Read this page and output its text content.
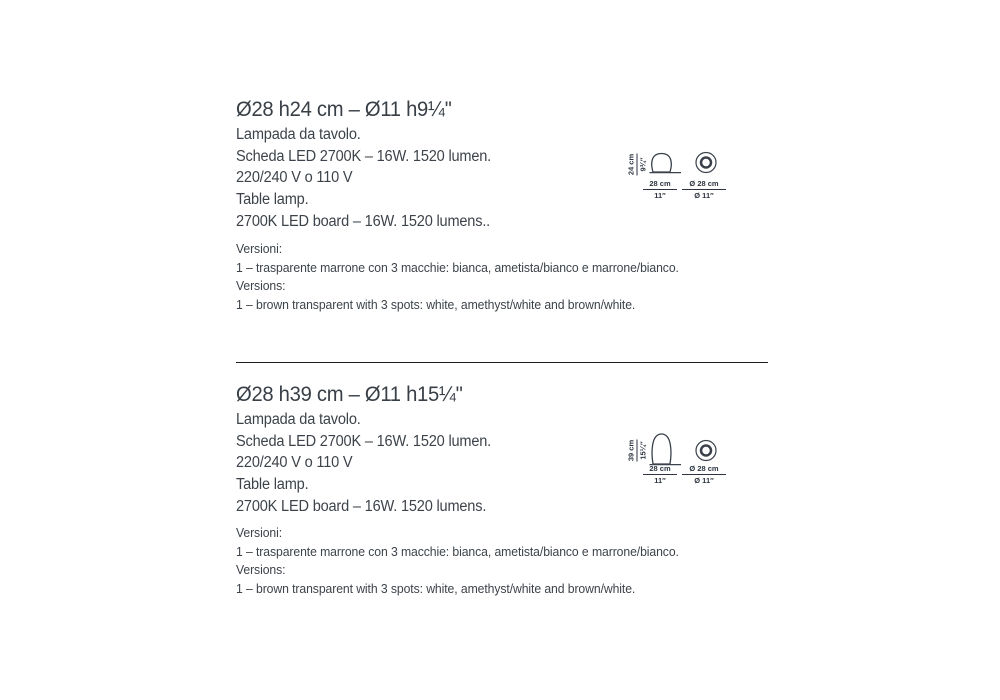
Ø28 h24 cm – Ø11 h9¼''
Lampada da tavolo.
Scheda LED 2700K – 16W. 1520 lumen.
220/240 V o 110 V
Table lamp.
2700K LED board – 16W. 1520 lumens..
Versioni:
1 – trasparente marrone con 3 macchie: bianca, ametista/bianco e marrone/bianco.
Versions:
1 – brown transparent with 3 spots: white, amethyst/white and brown/white.
24 cm 9¾″
28 cm
11″
Ø 28 cm
Ø 11″
Ø28 h39 cm – Ø11 h15¼''
Lampada da tavolo.
Scheda LED 2700K – 16W. 1520 lumen.
220/240 V o 110 V
Table lamp.
2700K LED board – 16W. 1520 lumens.
Versioni:
1 – trasparente marrone con 3 macchie: bianca, ametista/bianco e marrone/bianco.
Versions:
1 – brown transparent with 3 spots: white, amethyst/white and brown/white.
39 cm 15¼″
28 cm
11″
Ø 28 cm
Ø 11″
